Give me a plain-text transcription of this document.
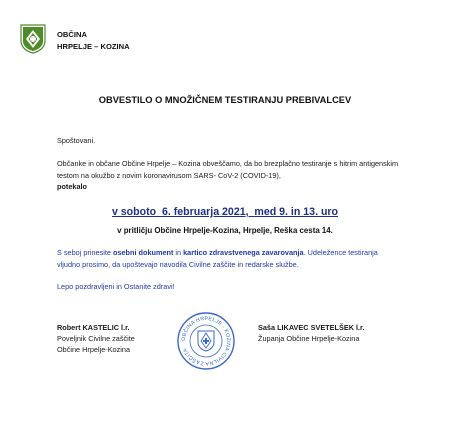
OBČINA
HRPELJE – KOZINA
OBVESTILO O MNOŽIČNEM TESTIRANJU PREBIVALCEV
Spoštovani.
Občanke in občane Občine Hrpelje – Kozina obveščamo, da bo brezplačno testiranje s hitrim antigenskim testom na okužbo z novim koronavirusom SARS- CoV-2 (COVID-19),
potekalo
v soboto  6. februarja 2021,  med 9. in 13. uro
v pritličju Občine Hrpelje-Kozina, Hrpelje, Reška cesta 14.
S seboj prinesite osebni dokument in kartico zdravstvenega zavarovanja. Udeležence testiranja vljudno prosimo, da upoštevajo navodila Civilne zaščite in redarske službe.
Lepo pozdravljeni in Ostanite zdravi!
Robert KASTELIC l.r.
Poveljnik Civilne zaščite
Občine Hrpelje-Kozina
OBČINA HRPELJE - KOZINA CIVILNA ZAŠČITA
Saša LIKAVEC SVETELŠEK l.r.
Županja Občine Hrpelje-Kozina
